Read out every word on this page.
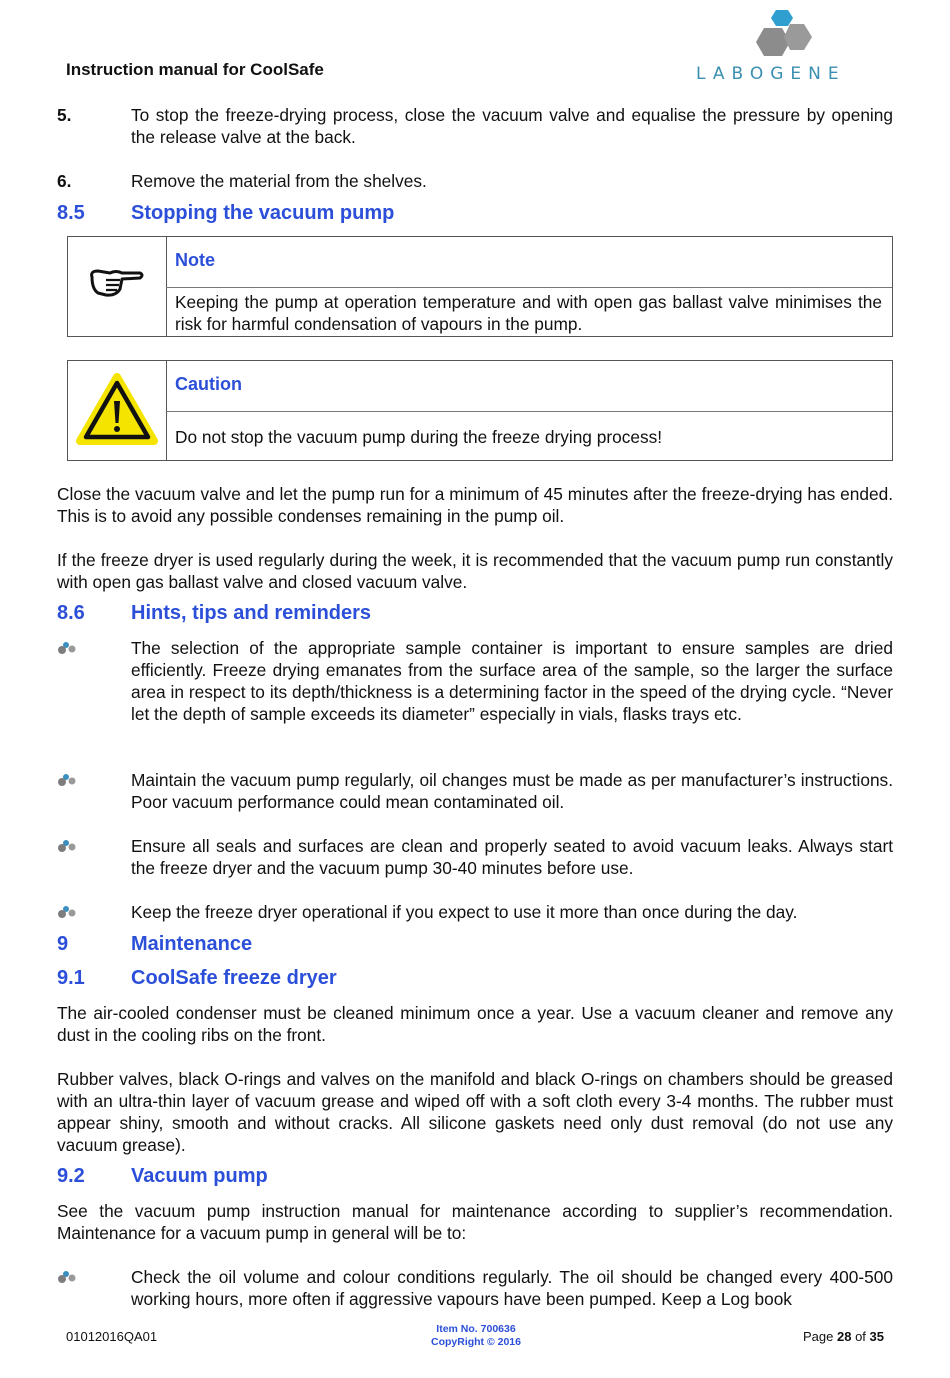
Instruction manual for CoolSafe	LABOGENE
5.	To stop the freeze-drying process, close the vacuum valve and equalise the pressure by opening the release valve at the back.
6.	Remove the material from the shelves.
8.5 Stopping the vacuum pump
Note
Keeping the pump at operation temperature and with open gas ballast valve minimises the risk for harmful condensation of vapours in the pump.
Caution
Do not stop the vacuum pump during the freeze drying process!
Close the vacuum valve and let the pump run for a minimum of 45 minutes after the freeze-drying has ended. This is to avoid any possible condenses remaining in the pump oil.
If the freeze dryer is used regularly during the week, it is recommended that the vacuum pump run constantly with open gas ballast valve and closed vacuum valve.
8.6 Hints, tips and reminders
The selection of the appropriate sample container is important to ensure samples are dried efficiently. Freeze drying emanates from the surface area of the sample, so the larger the surface area in respect to its depth/thickness is a determining factor in the speed of the drying cycle. “Never let the depth of sample exceeds its diameter” especially in vials, flasks trays etc.
Maintain the vacuum pump regularly, oil changes must be made as per manufacturer’s instructions. Poor vacuum performance could mean contaminated oil.
Ensure all seals and surfaces are clean and properly seated to avoid vacuum leaks. Always start the freeze dryer and the vacuum pump 30-40 minutes before use.
Keep the freeze dryer operational if you expect to use it more than once during the day.
9	Maintenance
9.1 CoolSafe freeze dryer
The air-cooled condenser must be cleaned minimum once a year. Use a vacuum cleaner and remove any dust in the cooling ribs on the front.
Rubber valves, black O-rings and valves on the manifold and black O-rings on chambers should be greased with an ultra-thin layer of vacuum grease and wiped off with a soft cloth every 3-4 months. The rubber must appear shiny, smooth and without cracks. All silicone gaskets need only dust removal (do not use any vacuum grease).
9.2 Vacuum pump
See the vacuum pump instruction manual for maintenance according to supplier’s recommendation. Maintenance for a vacuum pump in general will be to:
Check the oil volume and colour conditions regularly. The oil should be changed every 400-500 working hours, more often if aggressive vapours have been pumped. Keep a Log book
01012016QA01	Item No. 700636
CopyRight © 2016	Page 28 of 35
